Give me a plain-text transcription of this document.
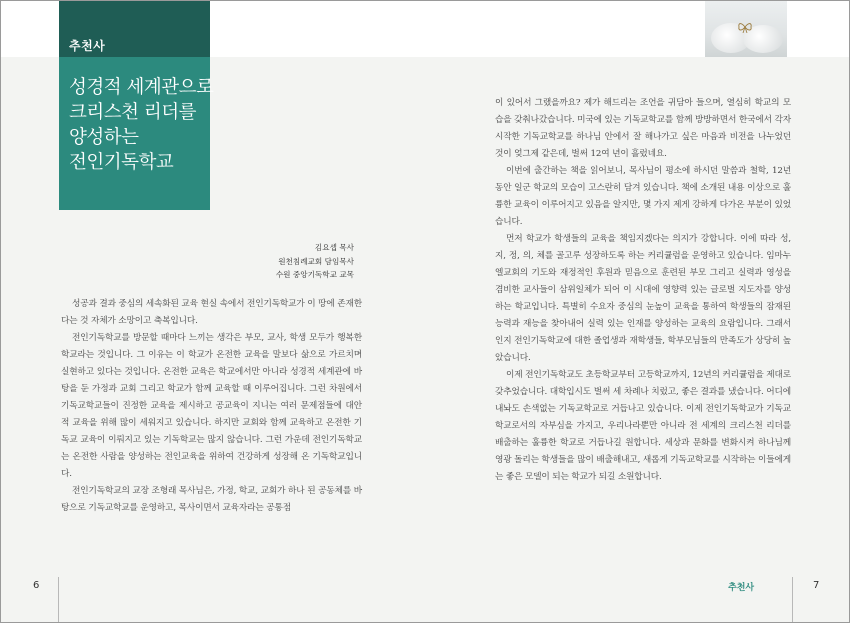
추천사
성경적 세계관으로
크리스천 리더를
양성하는
전인기독학교
김요셉 목사
원천침례교회 담임목사
수원 중앙기독학교 교목

성공과 결과 중심의 세속화된 교육 현실 속에서 전인기독학교가 이 땅에 존재한다는 것 자체가 소망이고 축복입니다.

전인기독학교를 방문할 때마다 느끼는 생각은 부모, 교사, 학생 모두가 행복한 학교라는 것입니다. 그 이유는 이 학교가 온전한 교육을 말보다 삶으로 가르치며 실현하고 있다는 것입니다. 온전한 교육은 학교에서만 아니라 성경적 세계관에 바탕을 둔 가정과 교회 그리고 학교가 함께 교육할 때 이루어집니다. 그런 차원에서 기독교학교들이 진정한 교육을 제시하고 공교육이 지니는 여러 문제점들에 대안적 교육을 위해 많이 세워지고 있습니다. 하지만 교회와 함께 교육하고 온전한 기독교 교육이 이뤄지고 있는 기독학교는 많지 않습니다. 그런 가운데 전인기독학교는 온전한 사람을 양성하는 전인교육을 위하여 건강하게 성장해 온 기독학교입니다.

전인기독학교의 교장 조형래 목사님은, 가정, 학교, 교회가 하나 된 공동체를 바탕으로 기독교학교를 운영하고, 목사이면서 교육자라는 공통점

이 있어서 그랬을까요? 제가 해드리는 조언을 귀담아 들으며, 열심히 학교의 모습을 갖춰나갔습니다. 미국에 있는 기독교학교를 함께 방방하면서 한국에서 각자 시작한 기독교학교를 하나님 안에서 잘 해나가고 싶은 마음과 비전을 나누었던 것이 엊그제 같은데, 벌써 12여 년이 흘렀네요.

이번에 출간하는 책을 읽어보니, 목사님이 평소에 하시던 말씀과 철학, 12년 동안 일군 학교의 모습이 고스란히 담겨 있습니다. 책에 소개된 내용 이상으로 훌륭한 교육이 이루어지고 있음을 알지만, 몇 가지 제게 강하게 다가온 부분이 있었습니다.

먼저 학교가 학생들의 교육을 책임지겠다는 의지가 강합니다. 이에 따라 성, 지, 정, 의, 체를 골고루 성장하도록 하는 커리큘럼을 운영하고 있습니다. 임마누엘교회의 기도와 재정적인 후원과 믿음으로 훈련된 부모 그리고 실력과 영성을 겸비한 교사들이 삼위일체가 되어 이 시대에 영향력 있는 글로벌 지도자를 양성하는 학교입니다. 특별히 수요자 중심의 눈높이 교육을 통하여 학생들의 잠재된 능력과 재능을 찾아내어 실력 있는 인재를 양성하는 교육의 요람입니다. 그래서인지 전인기독학교에 대한 졸업생과 재학생들, 학부모님들의 만족도가 상당히 높았습니다.

이제 전인기독학교도 초등학교부터 고등학교까지, 12년의 커리큘럼을 제대로 갖추었습니다. 대학입시도 벌써 세 차례나 치렀고, 좋은 결과를 냈습니다. 어디에 내놔도 손색없는 기독교학교로 거듭나고 있습니다. 이제 전인기독학교가 기독교학교로서의 자부심을 가지고, 우리나라뿐만 아니라 전 세계의 크리스천 리더를 배출하는 훌륭한 학교로 거듭나길 원합니다. 세상과 문화를 변화시켜 하나님께 영광 돌리는 학생들을 많이 배출해내고, 새롭게 기독교학교를 시작하는 이들에게는 좋은 모델이 되는 학교가 되길 소원합니다.

6	추천사	7
